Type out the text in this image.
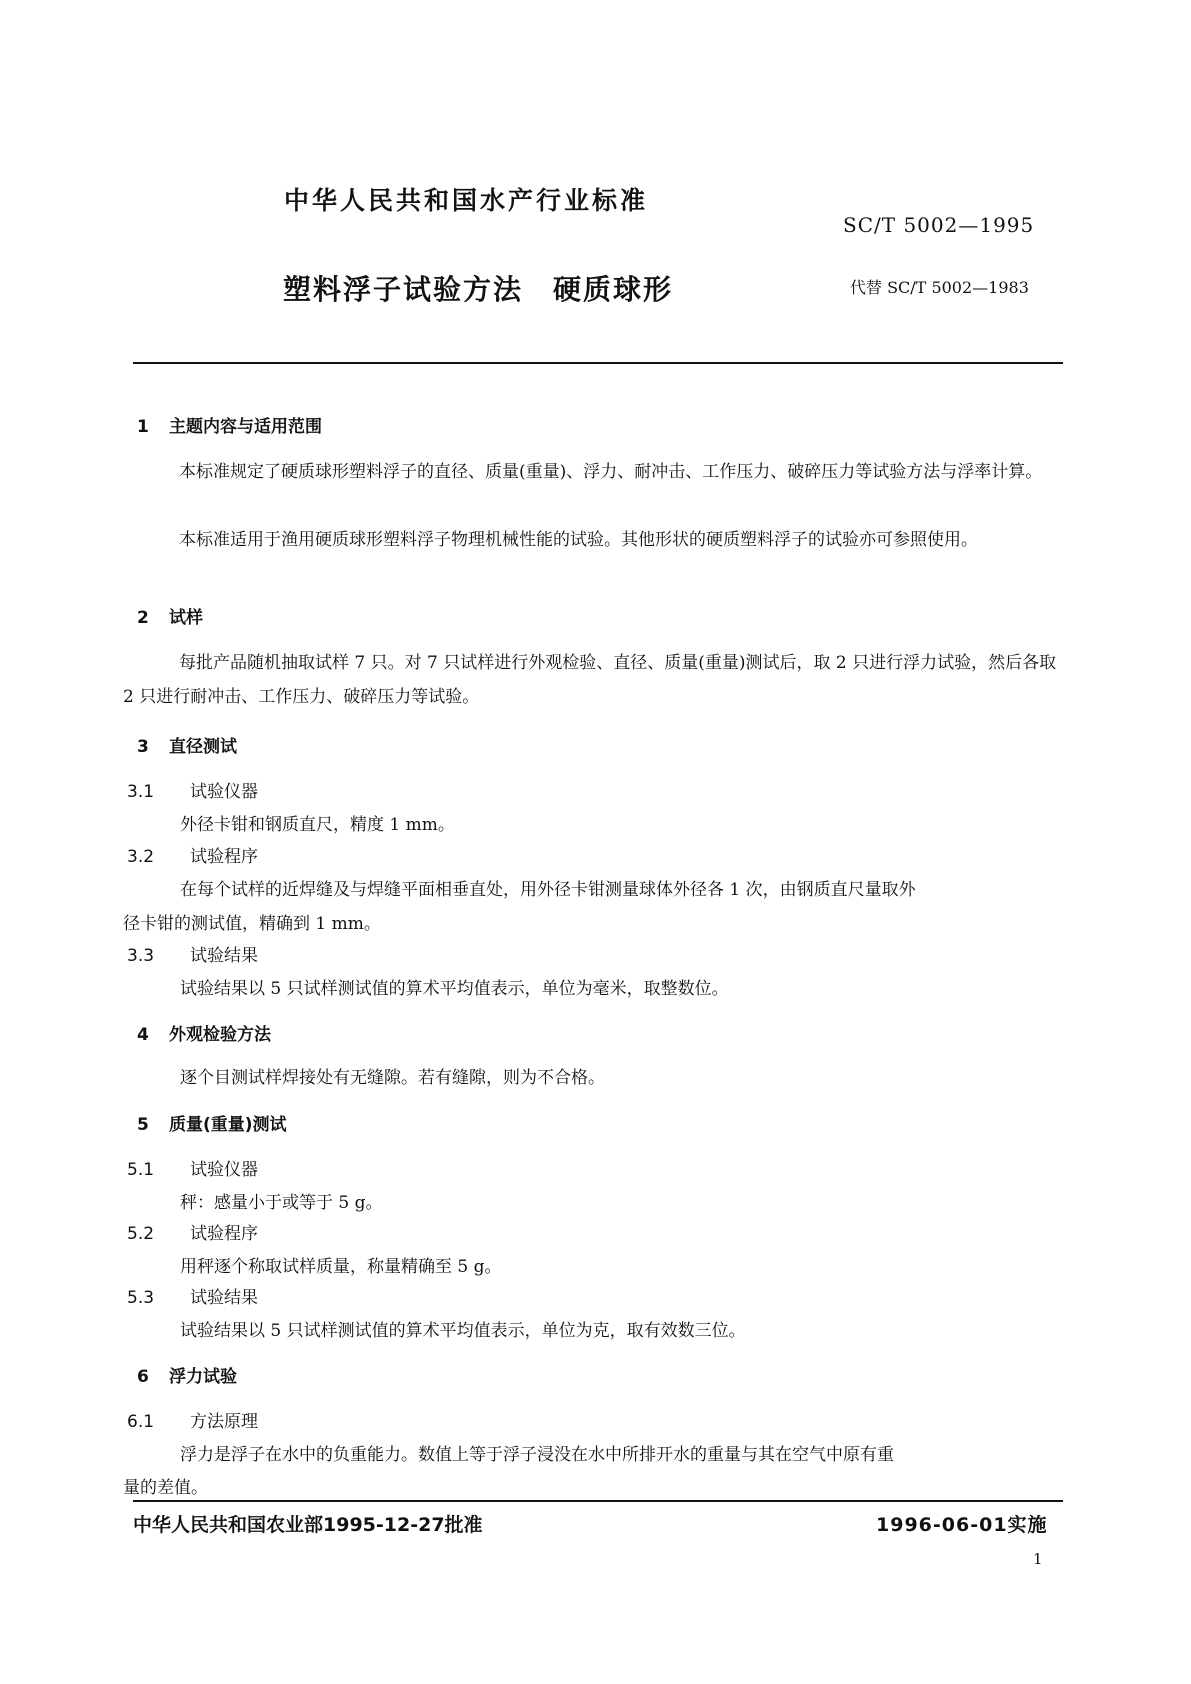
中华人民共和国水产行业标准
SC/T 5002—1995
塑料浮子试验方法　硬质球形	代替 SC/T 5002—1983
1 主题内容与适用范围
本标准规定了硬质球形塑料浮子的直径、质量(重量)、浮力、耐冲击、工作压力、破碎压力等试验方法与浮率计算。
本标准适用于渔用硬质球形塑料浮子物理机械性能的试验。其他形状的硬质塑料浮子的试验亦可参照使用。
2 试样
每批产品随机抽取试样 7 只。对 7 只试样进行外观检验、直径、质量(重量)测试后，取 2 只进行浮力试验，然后各取 2 只进行耐冲击、工作压力、破碎压力等试验。
3 直径测试
3.1 试验仪器
外径卡钳和钢质直尺，精度 1 mm。
3.2 试验程序
在每个试样的近焊缝及与焊缝平面相垂直处，用外径卡钳测量球体外径各 1 次，由钢质直尺量取外
径卡钳的测试值，精确到 1 mm。
3.3 试验结果
试验结果以 5 只试样测试值的算术平均值表示，单位为毫米，取整数位。
4 外观检验方法
逐个目测试样焊接处有无缝隙。若有缝隙，则为不合格。
5 质量(重量)测试
5.1 试验仪器
秤：感量小于或等于 5 g。
5.2 试验程序
用秤逐个称取试样质量，称量精确至 5 g。
5.3 试验结果
试验结果以 5 只试样测试值的算术平均值表示，单位为克，取有效数三位。
6 浮力试验
6.1 方法原理
浮力是浮子在水中的负重能力。数值上等于浮子浸没在水中所排开水的重量与其在空气中原有重
量的差值。
中华人民共和国农业部1995-12-27批准	1996-06-01实施
1
